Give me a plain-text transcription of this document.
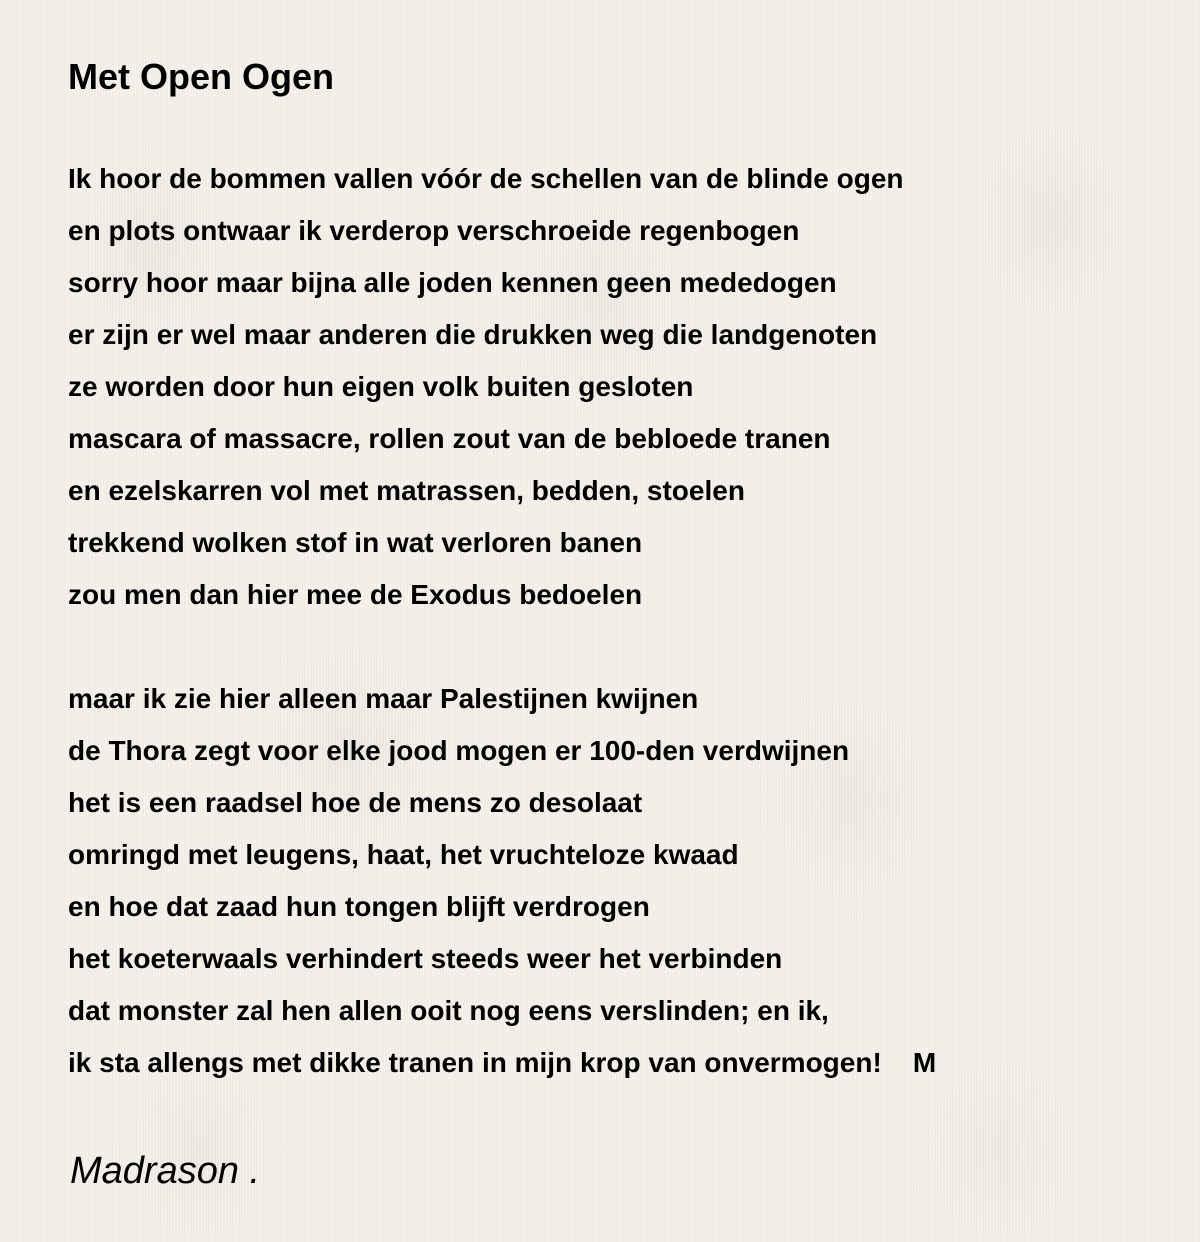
Met Open Ogen

Ik hoor de bommen vallen vóór de schellen van de blinde ogen
en plots ontwaar ik verderop verschroeide regenbogen
sorry hoor maar bijna alle joden kennen geen mededogen
er zijn er wel maar anderen die drukken weg die landgenoten
ze worden door hun eigen volk buiten gesloten
mascara of massacre, rollen zout van de bebloede tranen
en ezelskarren vol met matrassen, bedden, stoelen
trekkend wolken stof in wat verloren banen
zou men dan hier mee de Exodus bedoelen

maar ik zie hier alleen maar Palestijnen kwijnen
de Thora zegt voor elke jood mogen er 100-den verdwijnen
het is een raadsel hoe de mens zo desolaat
omringd met leugens, haat, het vruchteloze kwaad
en hoe dat zaad hun tongen blijft verdrogen
het koeterwaals verhindert steeds weer het verbinden
dat monster zal hen allen ooit nog eens verslinden; en ik,
ik sta allengs met dikke tranen in mijn krop van onvermogen!    M

Madrason .
